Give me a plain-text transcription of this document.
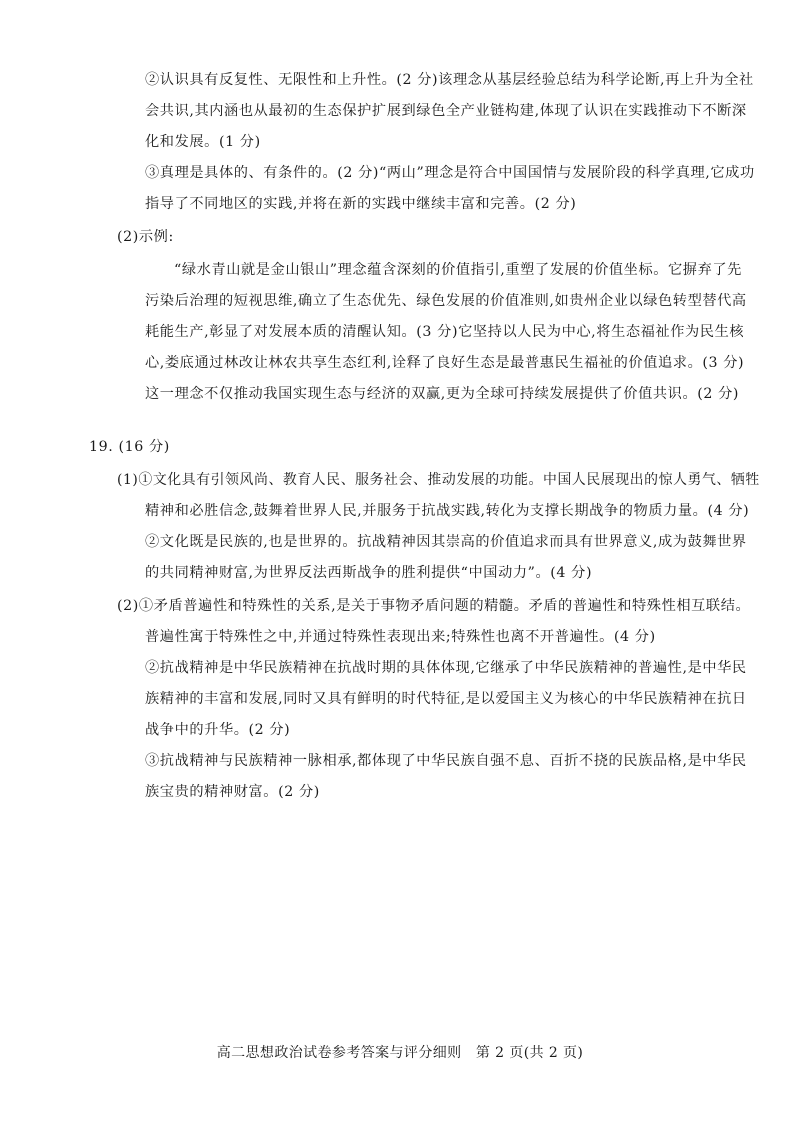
②认识具有反复性、无限性和上升性。(2 分)该理念从基层经验总结为科学论断,再上升为全社
会共识,其内涵也从最初的生态保护扩展到绿色全产业链构建,体现了认识在实践推动下不断深
化和发展。(1 分)
③真理是具体的、有条件的。(2 分)“两山”理念是符合中国国情与发展阶段的科学真理,它成功
指导了不同地区的实践,并将在新的实践中继续丰富和完善。(2 分)
(2)示例:
“绿水青山就是金山银山”理念蕴含深刻的价值指引,重塑了发展的价值坐标。它摒弃了先
污染后治理的短视思维,确立了生态优先、绿色发展的价值准则,如贵州企业以绿色转型替代高
耗能生产,彰显了对发展本质的清醒认知。(3 分)它坚持以人民为中心,将生态福祉作为民生核
心,娄底通过林改让林农共享生态红利,诠释了良好生态是最普惠民生福祉的价值追求。(3 分)
这一理念不仅推动我国实现生态与经济的双赢,更为全球可持续发展提供了价值共识。(2 分)
19. (16 分)
(1)①文化具有引领风尚、教育人民、服务社会、推动发展的功能。中国人民展现出的惊人勇气、牺牲
精神和必胜信念,鼓舞着世界人民,并服务于抗战实践,转化为支撑长期战争的物质力量。(4 分)
②文化既是民族的,也是世界的。抗战精神因其崇高的价值追求而具有世界意义,成为鼓舞世界
的共同精神财富,为世界反法西斯战争的胜利提供“中国动力”。(4 分)
(2)①矛盾普遍性和特殊性的关系,是关于事物矛盾问题的精髓。矛盾的普遍性和特殊性相互联结。
普遍性寓于特殊性之中,并通过特殊性表现出来;特殊性也离不开普遍性。(4 分)
②抗战精神是中华民族精神在抗战时期的具体体现,它继承了中华民族精神的普遍性,是中华民
族精神的丰富和发展,同时又具有鲜明的时代特征,是以爱国主义为核心的中华民族精神在抗日
战争中的升华。(2 分)
③抗战精神与民族精神一脉相承,都体现了中华民族自强不息、百折不挠的民族品格,是中华民
族宝贵的精神财富。(2 分)
高二思想政治试卷参考答案与评分细则　第 2 页(共 2 页)
